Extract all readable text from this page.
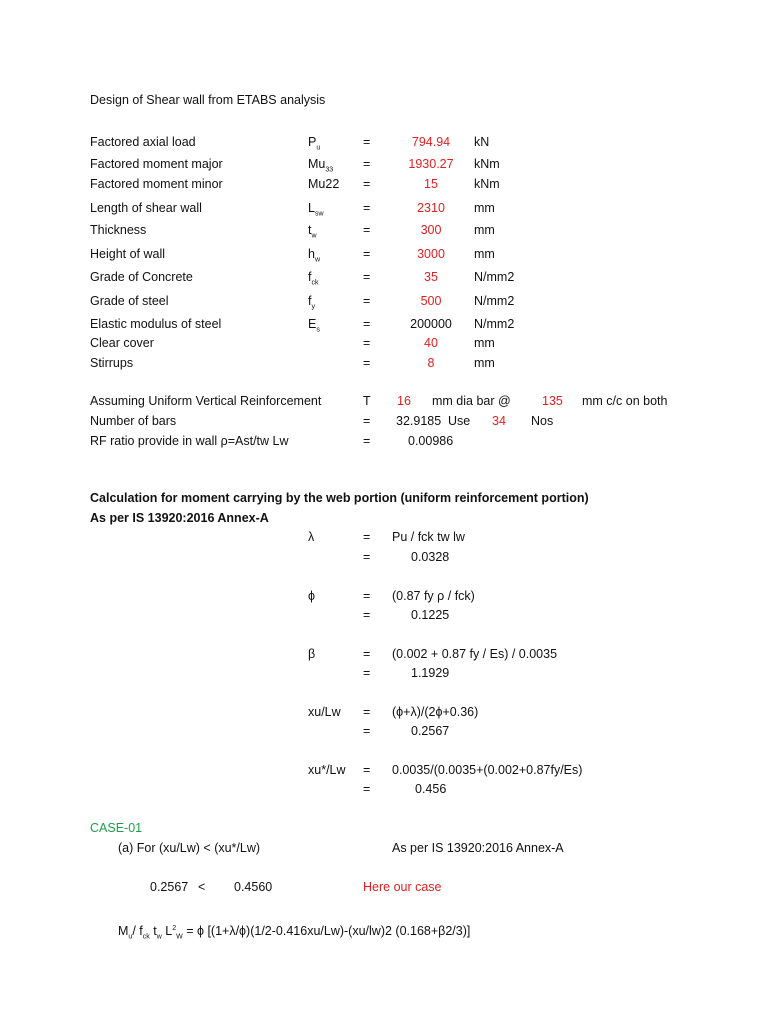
Design of Shear wall from ETABS analysis
Factored axial load	$P_u$	=	794.94	kN
Factored moment major	$Mu_{33}$ =	1930.27	kNm
Factored moment minor	Mu22 =	15	kNm
Length of shear wall	$L_{sw}$	=	2310	mm
Thickness	$t_w$	=	300	mm
Height of wall	$h_w$	=	3000	mm
Grade of Concrete	$f_{ck}$	=	35	N/mm2
Grade of steel	$f_y$	=	500	N/mm2
Elastic modulus of steel	$E_s$	=	200000	N/mm2
Clear cover	=	40	mm
Stirrups	=	8	mm
Assuming Uniform Vertical Reinforcement	T 16 mm dia bar @	135 mm c/c on both
Number of bars	= 32.9185 Use 34 Nos
RF ratio provide in wall ρ=Ast/tw Lw	=	0.00986
Calculation for moment carrying by the web portion (uniform reinforcement portion)
As per IS 13920:2016 Annex-A
λ	= Pu / fck tw lw
=	0.0328
ϕ	= (0.87 fy ρ / fck)
=	0.1225
β	= (0.002 + 0.87 fy / Es) / 0.0035
=	1.1929
xu/Lw = (ϕ+λ)/(2ϕ+0.36)
=	0.2567
xu*/Lw = 0.0035/(0.0035+(0.002+0.87fy/Es)
=	0.456
CASE-01
(a) For (xu/Lw) < (xu*/Lw)	As per IS 13920:2016 Annex-A
0.2567 < 0.4560	Here our case
$M_u/$ $f_{ck}$ $t_w$ $L^2_W = \phi$ [(1+λ/ϕ)(1/2-0.416xu/Lw)-(xu/lw)2 (0.168+β2/3)]
